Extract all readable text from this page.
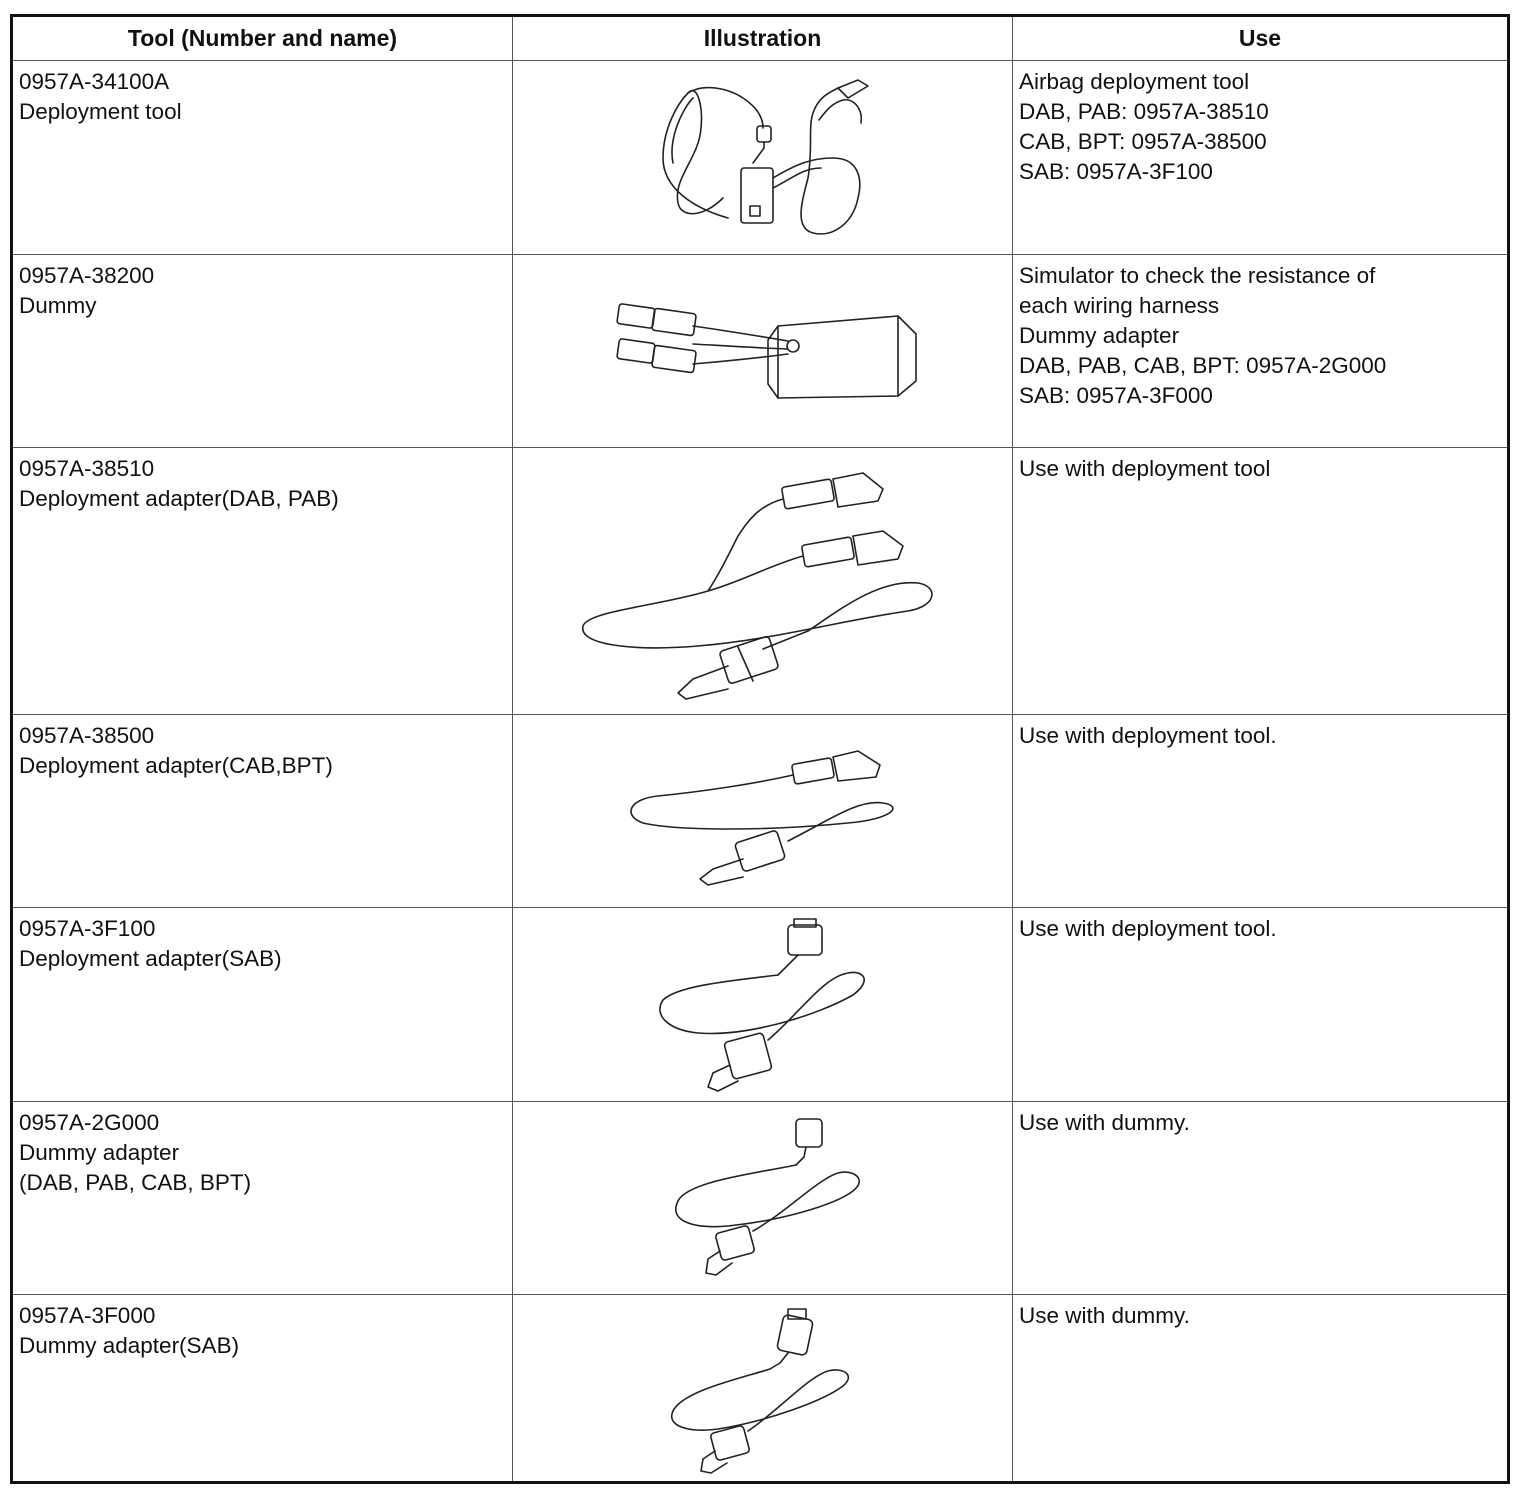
Tool (Number and name)	Illustration	Use
0957A-34100A
Deployment tool
Airbag deployment tool
DAB, PAB: 0957A-38510
CAB, BPT: 0957A-38500
SAB: 0957A-3F100
0957A-38200
Dummy
Simulator to check the resistance of
each wiring harness
Dummy adapter
DAB, PAB, CAB, BPT: 0957A-2G000
SAB: 0957A-3F000
0957A-38510
Deployment adapter(DAB, PAB)
Use with deployment tool
0957A-38500
Deployment adapter(CAB,BPT)
Use with deployment tool.
0957A-3F100
Deployment adapter(SAB)
Use with deployment tool.
0957A-2G000
Dummy adapter
(DAB, PAB, CAB, BPT)

Use with dummy.
0957A-3F000
Dummy adapter(SAB)
Use with dummy.
